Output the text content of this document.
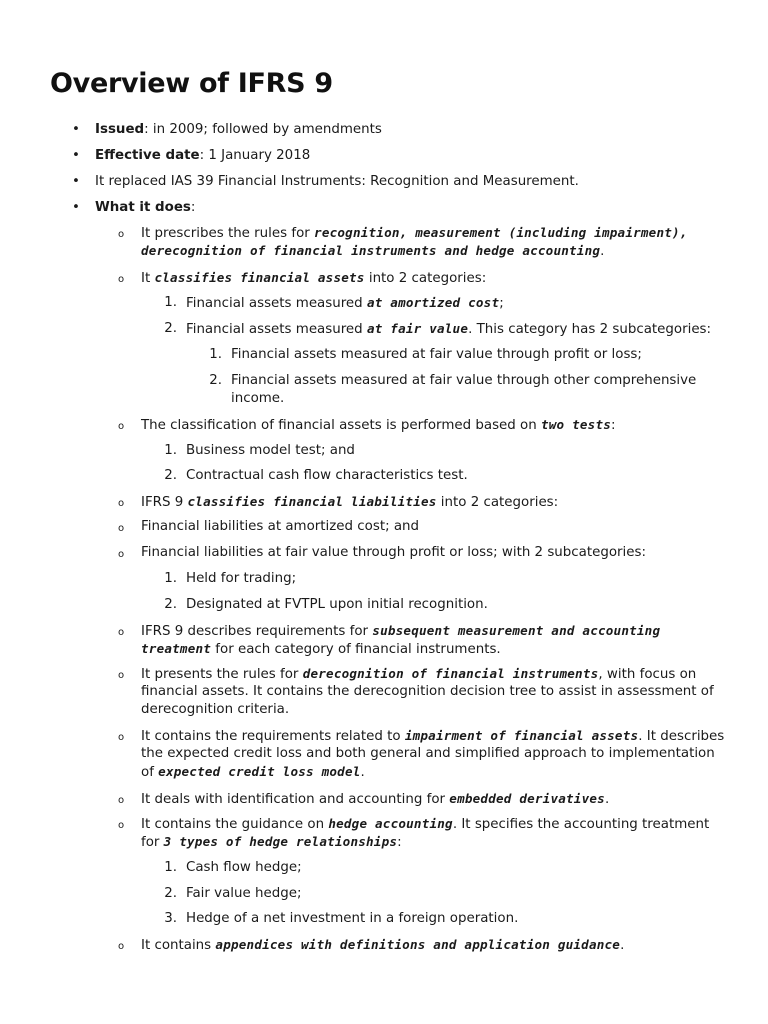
Overview of IFRS 9
• Issued: in 2009; followed by amendments
• Effective date: 1 January 2018
• It replaced IAS 39 Financial Instruments: Recognition and Measurement.
• What it does:
o It prescribes the rules for recognition, measurement (including impairment),
derecognition of financial instruments and hedge accounting.
o It classifies financial assets into 2 categories:
1. Financial assets measured at amortized cost;
2. Financial assets measured at fair value. This category has 2 subcategories:
1. Financial assets measured at fair value through profit or loss;
2. Financial assets measured at fair value through other comprehensive
income.
o The classification of financial assets is performed based on two tests:
1. Business model test; and
2. Contractual cash flow characteristics test.
o IFRS 9 classifies financial liabilities into 2 categories:
o Financial liabilities at amortized cost; and
o Financial liabilities at fair value through profit or loss; with 2 subcategories:
1. Held for trading;
2. Designated at FVTPL upon initial recognition.
o IFRS 9 describes requirements for subsequent measurement and accounting
treatment for each category of financial instruments.
o It presents the rules for derecognition of financial instruments, with focus on
financial assets. It contains the derecognition decision tree to assist in assessment of
derecognition criteria.
o It contains the requirements related to impairment of financial assets. It describes
the expected credit loss and both general and simplified approach to implementation
of expected credit loss model.
o It deals with identification and accounting for embedded derivatives.
o It contains the guidance on hedge accounting. It specifies the accounting treatment
for 3 types of hedge relationships:
1. Cash flow hedge;
2. Fair value hedge;
3. Hedge of a net investment in a foreign operation.
o It contains appendices with definitions and application guidance.
